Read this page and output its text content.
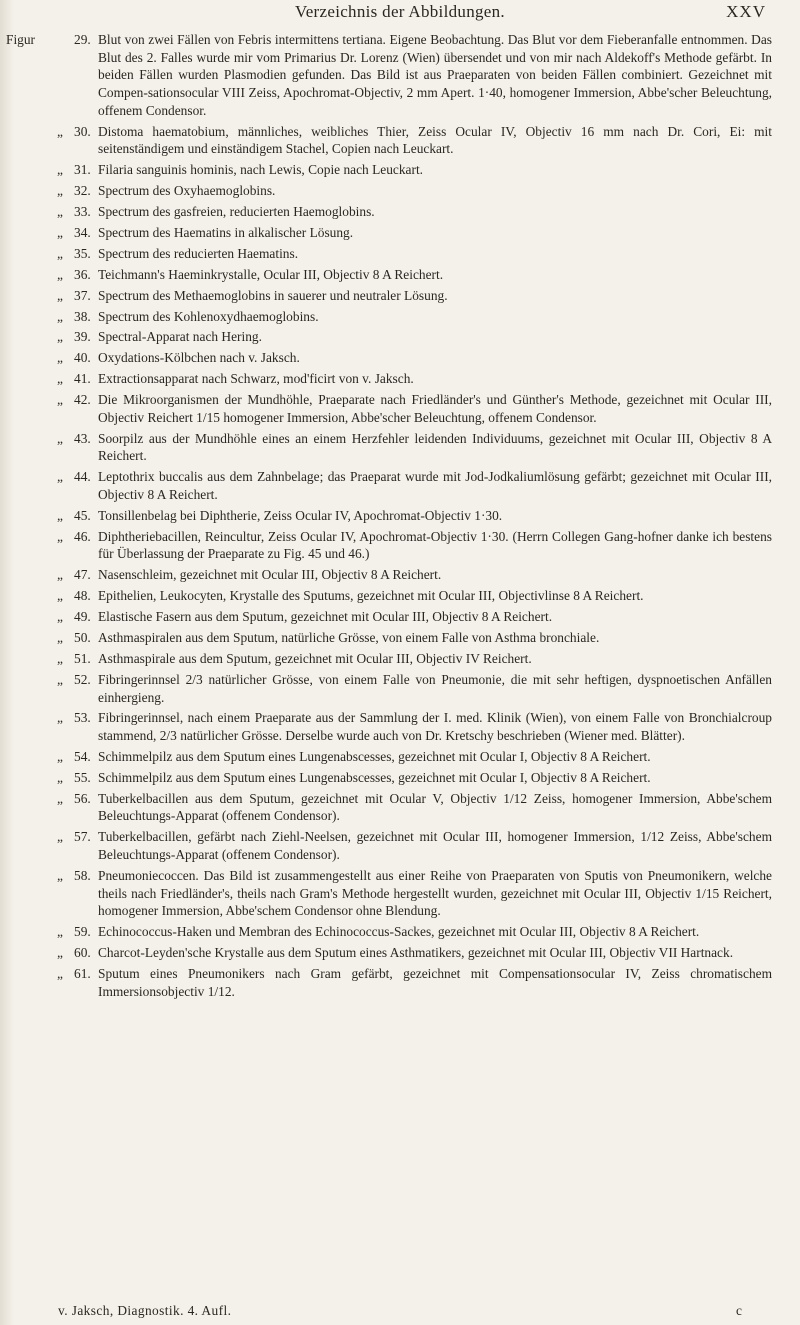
Verzeichnis der Abbildungen.	XXV
Figur	29. Blut von zwei Fällen von Febris intermittens tertiana. Eigene Beobachtung. Das Blut vor dem Fieberanfalle entnommen. Das Blut des 2. Falles wurde mir vom Primarius Dr. Lorenz (Wien) übersendet und von mir nach Aldekoff's Methode gefärbt. In beiden Fällen wurden Plasmodien gefunden. Das Bild ist aus Praeparaten von beiden Fällen combiniert. Gezeichnet mit Compen-sationsocular VIII Zeiss, Apochromat-Objectiv, 2 mm Apert. 1·40, homogener Immersion, Abbe'scher Beleuchtung, offenem Condensor.
„ 30. Distoma haematobium, männliches, weibliches Thier, Zeiss Ocular IV, Objectiv 16 mm nach Dr. Cori, Ei: mit seitenständigem und einständigem Stachel, Copien nach Leuckart.
„ 31. Filaria sanguinis hominis, nach Lewis, Copie nach Leuckart.
„ 32. Spectrum des Oxyhaemoglobins.
„ 33. Spectrum des gasfreien, reducierten Haemoglobins.
„ 34. Spectrum des Haematins in alkalischer Lösung.
„ 35. Spectrum des reducierten Haematins.
„ 36. Teichmann's Haeminkrystalle, Ocular III, Objectiv 8 A Reichert.
„ 37. Spectrum des Methaemoglobins in sauerer und neutraler Lösung.
„ 38. Spectrum des Kohlenoxydhaemoglobins.
„ 39. Spectral-Apparat nach Hering.
„ 40. Oxydations-Kölbchen nach v. Jaksch.
„ 41. Extractionsapparat nach Schwarz, mod'ficirt von v. Jaksch.
„ 42. Die Mikroorganismen der Mundhöhle, Praeparate nach Friedländer's und Günther's Methode, gezeichnet mit Ocular III, Objectiv Reichert 1/15 homogener Immersion, Abbe'scher Beleuchtung, offenem Condensor.
„ 43. Soorpilz aus der Mundhöhle eines an einem Herzfehler leidenden Individuums, gezeichnet mit Ocular III, Objectiv 8 A Reichert.
„ 44. Leptothrix buccalis aus dem Zahnbelage; das Praeparat wurde mit Jod-Jodkaliumlösung gefärbt; gezeichnet mit Ocular III, Objectiv 8 A Reichert.
„ 45. Tonsillenbelag bei Diphtherie, Zeiss Ocular IV, Apochromat-Objectiv 1·30.
„ 46. Diphtheriebacillen, Reincultur, Zeiss Ocular IV, Apochromat-Objectiv 1·30. (Herrn Collegen Gang-hofner danke ich bestens für Überlassung der Praeparate zu Fig. 45 und 46.)
„ 47. Nasenschleim, gezeichnet mit Ocular III, Objectiv 8 A Reichert.
„ 48. Epithelien, Leukocyten, Krystalle des Sputums, gezeichnet mit Ocular III, Objectivlinse 8 A Reichert.
„ 49. Elastische Fasern aus dem Sputum, gezeichnet mit Ocular III, Objectiv 8 A Reichert.
„ 50. Asthmaspiralen aus dem Sputum, natürliche Grösse, von einem Falle von Asthma bronchiale.
„ 51. Asthmaspirale aus dem Sputum, gezeichnet mit Ocular III, Objectiv IV Reichert.
„ 52. Fibringerinnsel 2/3 natürlicher Grösse, von einem Falle von Pneumonie, die mit sehr heftigen, dyspnoetischen Anfällen einhergieng.
„ 53. Fibringerinnsel, nach einem Praeparate aus der Sammlung der I. med. Klinik (Wien), von einem Falle von Bronchialcroup stammend, 2/3 natürlicher Grösse. Derselbe wurde auch von Dr. Kretschy beschrieben (Wiener med. Blätter).
„ 54. Schimmelpilz aus dem Sputum eines Lungenabscesses, gezeichnet mit Ocular I, Objectiv 8 A Reichert.
„ 55. Schimmelpilz aus dem Sputum eines Lungenabscesses, gezeichnet mit Ocular I, Objectiv 8 A Reichert.
„ 56. Tuberkelbacillen aus dem Sputum, gezeichnet mit Ocular V, Objectiv 1/12 Zeiss, homogener Immersion, Abbe'schem Beleuchtungs-Apparat (offenem Condensor).
„ 57. Tuberkelbacillen, gefärbt nach Ziehl-Neelsen, gezeichnet mit Ocular III, homogener Immersion, 1/12 Zeiss, Abbe'schem Beleuchtungs-Apparat (offenem Condensor).
„ 58. Pneumoniecoccen. Das Bild ist zusammengestellt aus einer Reihe von Praeparaten von Sputis von Pneumonikern, welche theils nach Friedländer's, theils nach Gram's Methode hergestellt wurden, gezeichnet mit Ocular III, Objectiv 1/15 Reichert, homogener Immersion, Abbe'schem Condensor ohne Blendung.
„ 59. Echinococcus-Haken und Membran des Echinococcus-Sackes, gezeichnet mit Ocular III, Objectiv 8 A Reichert.
„ 60. Charcot-Leyden'sche Krystalle aus dem Sputum eines Asthmatikers, gezeichnet mit Ocular III, Objectiv VII Hartnack.
„ 61. Sputum eines Pneumonikers nach Gram gefärbt, gezeichnet mit Compensationsocular IV, Zeiss chromatischem Immersionsobjectiv 1/12.
v. Jaksch, Diagnostik. 4. Aufl.	c
